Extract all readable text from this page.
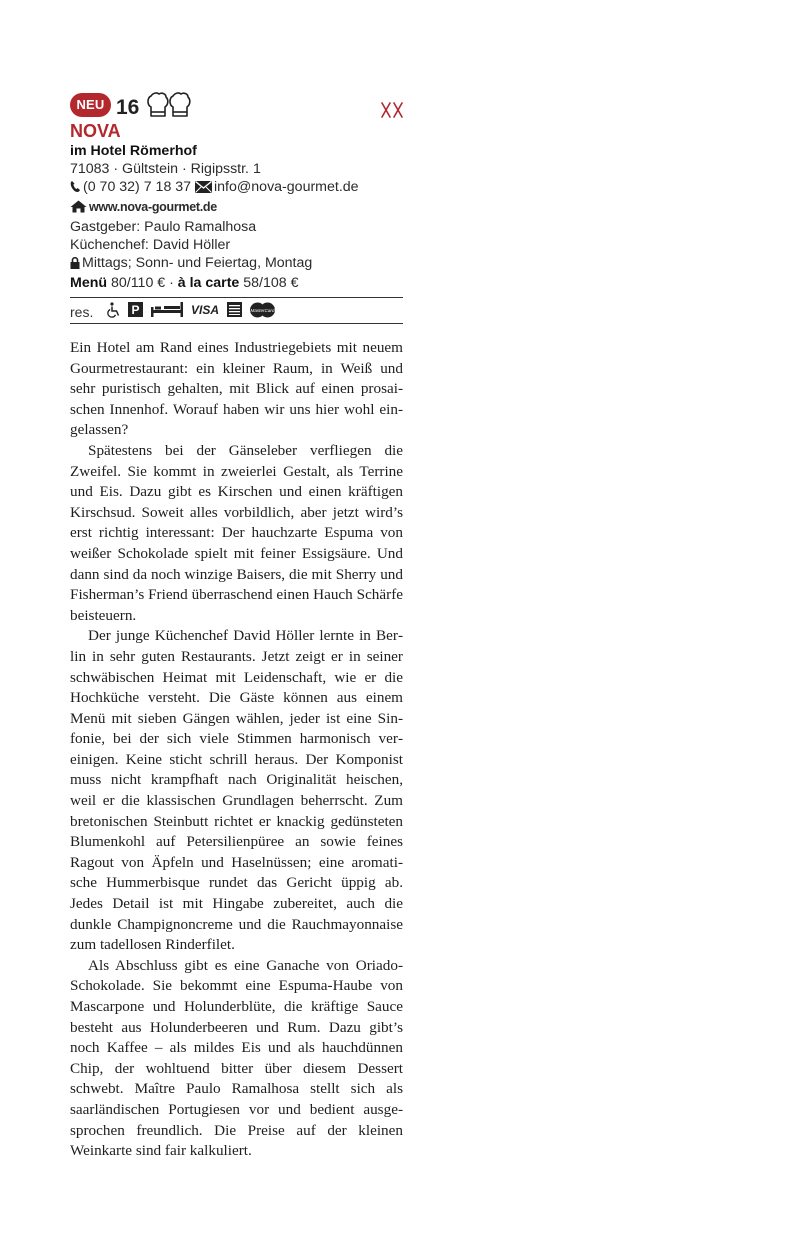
NEU 16
NOVA
im Hotel Römerhof
71083 · Gültstein · Rigipsstr. 1
(0 70 32) 7 18 37 info@nova-gourmet.de
www.nova-gourmet.de
Gastgeber: Paulo Ramalhosa
Küchenchef: David Höller
Mittags; Sonn- und Feiertag, Montag
Menü 80/110 € · à la carte 58/108 €
res.	P	VISA	MasterCard

Ein Hotel am Rand eines Industriegebiets mit neuem Gourmetrestaurant: ein kleiner Raum, in Weiß und sehr puristisch gehalten, mit Blick auf einen prosaischen Innenhof. Worauf haben wir uns hier wohl eingelassen?

Spätestens bei der Gänseleber verfliegen die Zweifel. Sie kommt in zweierlei Gestalt, als Terrine und Eis. Dazu gibt es Kirschen und einen kräftigen Kirschsud. Soweit alles vorbildlich, aber jetzt wird’s erst richtig interessant: Der hauchzarte Espuma von weißer Schokolade spielt mit feiner Essigsäure. Und dann sind da noch winzige Baisers, die mit Sherry und Fisherman’s Friend überraschend einen Hauch Schärfe beisteuern.

Der junge Küchenchef David Höller lernte in Berlin in sehr guten Restaurants. Jetzt zeigt er in seiner schwäbischen Heimat mit Leidenschaft, wie er die Hochküche versteht. Die Gäste können aus einem Menü mit sieben Gängen wählen, jeder ist eine Sinfonie, bei der sich viele Stimmen harmonisch vereinigen. Keine sticht schrill heraus. Der Komponist muss nicht krampfhaft nach Originalität heischen, weil er die klassischen Grundlagen beherrscht. Zum bretonischen Steinbutt richtet er knackig gedünsteten Blumenkohl auf Petersilienpüree an sowie feines Ragout von Äpfeln und Haselnüssen; eine aromatische Hummerbisque rundet das Gericht üppig ab. Jedes Detail ist mit Hingabe zubereitet, auch die dunkle Champignoncreme und die Rauchmayonnaise zum tadellosen Rinderfilet.

Als Abschluss gibt es eine Ganache von Oriado-Schokolade. Sie bekommt eine Espuma-Haube von Mascarpone und Holunderblüte, die kräftige Sauce besteht aus Holunderbeeren und Rum. Dazu gibt’s noch Kaffee – als mildes Eis und als hauchdünnen Chip, der wohltuend bitter über diesem Dessert schwebt. Maître Paulo Ramalhosa stellt sich als saarländischen Portugiesen vor und bedient ausgesprochen freundlich. Die Preise auf der kleinen Weinkarte sind fair kalkuliert.
